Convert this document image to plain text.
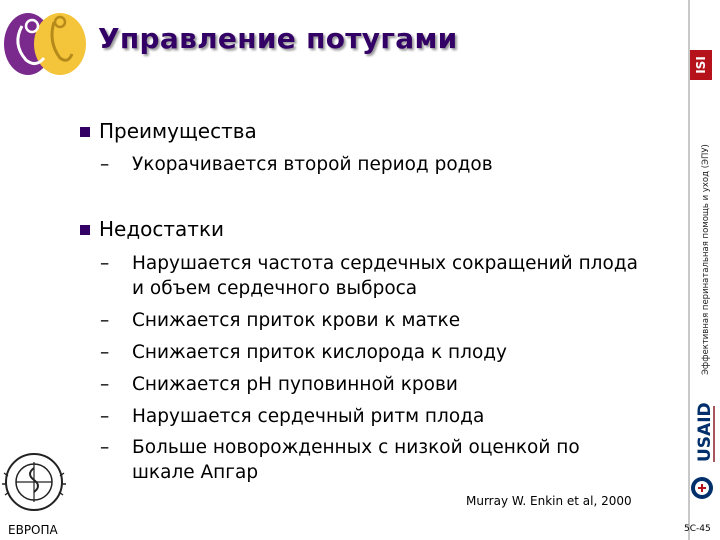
Управление потугами
ISI
Эффективная перинатальная помощь и уход (ЭПУ)
Преимущества
–	Укорачивается второй период родов
Недостатки
–	Нарушается частота сердечных сокращений плода
и объем сердечного выброса
–	Снижается приток крови к матке
–	Снижается приток кислорода к плоду
–	Снижается pH пуповинной крови
–	Нарушается сердечный ритм плода
–	Больше новорожденных с низкой оценкой по
шкале Апгар
Murray W. Enkin et al, 2000
ЕВРОПА
USAID
5C-45
